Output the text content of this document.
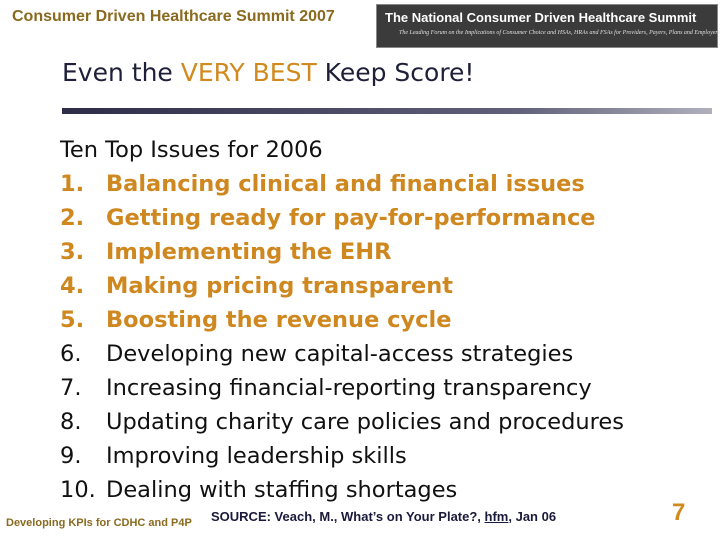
Consumer Driven Healthcare Summit 2007	The National Consumer Driven Healthcare Summit
The Leading Forum on the Implications of Consumer Choice and HSAs, HRAs and FSAs for Providers, Payers, Plans and Employers
Even the VERY BEST Keep Score!
Ten Top Issues for 2006
1. Balancing clinical and financial issues
2. Getting ready for pay-for-performance
3. Implementing the EHR
4. Making pricing transparent
5. Boosting the revenue cycle
6.	Developing new capital-access strategies
7.	Increasing financial-reporting transparency
8.	Updating charity care policies and procedures
9.	Improving leadership skills
10. Dealing with staffing shortages
Developing KPIs for CDHC and P4P SOURCE: Veach, M., What’s on Your Plate?, hfm, Jan 06	7
